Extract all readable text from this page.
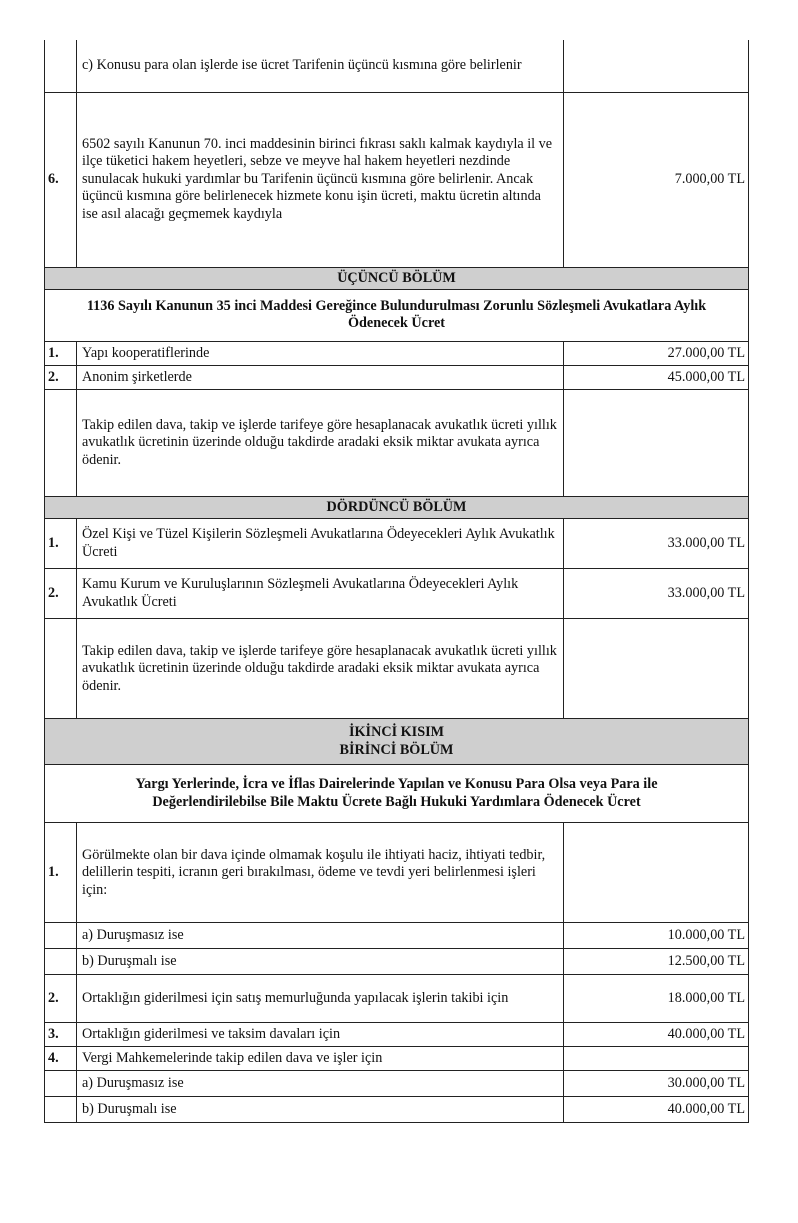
	c) Konusu para olan işlerde ise ücret Tarifenin üçüncü kısmına göre belirlenir	
6.	6502 sayılı Kanunun 70. inci maddesinin birinci fıkrası saklı kalmak kaydıyla il ve ilçe tüketici hakem heyetleri, sebze ve meyve hal hakem heyetleri nezdinde sunulacak hukuki yardımlar bu Tarifenin üçüncü kısmına göre belirlenir. Ancak üçüncü kısmına göre belirlenecek hizmete konu işin ücreti, maktu ücretin altında ise asıl alacağı geçmemek kaydıyla	7.000,00 TL
ÜÇÜNCÜ BÖLÜM		
1136 Sayılı Kanunun 35 inci Maddesi Gereğince Bulundurulması Zorunlu Sözleşmeli Avukatlara Aylık Ödenecek Ücret		
1.	Yapı kooperatiflerinde	27.000,00 TL
2.	Anonim şirketlerde	45.000,00 TL
	Takip edilen dava, takip ve işlerde tarifeye göre hesaplanacak avukatlık ücreti yıllık avukatlık ücretinin üzerinde olduğu takdirde aradaki eksik miktar avukata ayrıca ödenir.	
DÖRDÜNCÜ BÖLÜM		
1.	Özel Kişi ve Tüzel Kişilerin Sözleşmeli Avukatlarına Ödeyecekleri Aylık Avukatlık Ücreti	33.000,00 TL
2.	Kamu Kurum ve Kuruluşlarının Sözleşmeli Avukatlarına Ödeyecekleri Aylık Avukatlık Ücreti	33.000,00 TL
	Takip edilen dava, takip ve işlerde tarifeye göre hesaplanacak avukatlık ücreti yıllık avukatlık ücretinin üzerinde olduğu takdirde aradaki eksik miktar avukata ayrıca ödenir.	

İKİNCİ KISIM
BİRİNCİ BÖLÜM		

Yargı Yerlerinde, İcra ve İflas Dairelerinde Yapılan ve Konusu Para Olsa veya Para ile Değerlendirilebilse Bile Maktu Ücrete Bağlı Hukuki Yardımlara Ödenecek Ücret		
1.	Görülmekte olan bir dava içinde olmamak koşulu ile ihtiyati haciz, ihtiyati tedbir, delillerin tespiti, icranın geri bırakılması, ödeme ve tevdi yeri belirlenmesi işleri için:	
	a) Duruşmasız ise	10.000,00 TL
	b) Duruşmalı ise	12.500,00 TL
2.	Ortaklığın giderilmesi için satış memurluğunda yapılacak işlerin takibi için	18.000,00 TL
3.	Ortaklığın giderilmesi ve taksim davaları için	40.000,00 TL
4.	Vergi Mahkemelerinde takip edilen dava ve işler için	
	a) Duruşmasız ise	30.000,00 TL
	b) Duruşmalı ise	40.000,00 TL
